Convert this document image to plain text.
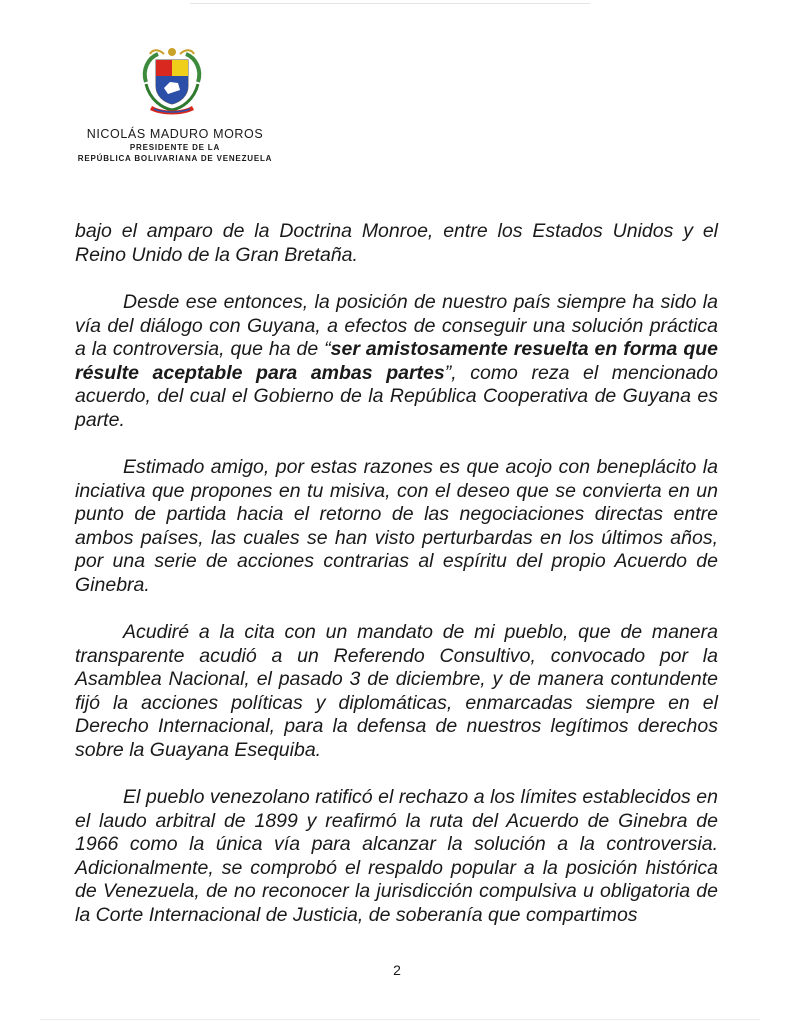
NICOLÁS MADURO MOROS
PRESIDENTE DE LA
REPÚBLICA BOLIVARIANA DE VENEZUELA

bajo el amparo de la Doctrina Monroe, entre los Estados Unidos y el Reino Unido de la Gran Bretaña.

Desde ese entonces, la posición de nuestro país siempre ha sido la vía del diálogo con Guyana, a efectos de conseguir una solución práctica a la controversia, que ha de “ser amistosamente resuelta en forma que résulte aceptable para ambas partes”, como reza el mencionado acuerdo, del cual el Gobierno de la República Cooperativa de Guyana es parte.

Estimado amigo, por estas razones es que acojo con beneplácito la inciativa que propones en tu misiva, con el deseo que se convierta en un punto de partida hacia el retorno de las negociaciones directas entre ambos países, las cuales se han visto perturbardas en los últimos años, por una serie de acciones contrarias al espíritu del propio Acuerdo de Ginebra.

Acudiré a la cita con un mandato de mi pueblo, que de manera transparente acudió a un Referendo Consultivo, convocado por la Asamblea Nacional, el pasado 3 de diciembre, y de manera contundente fijó la acciones políticas y diplomáticas, enmarcadas siempre en el Derecho Internacional, para la defensa de nuestros legítimos derechos sobre la Guayana Esequiba.

El pueblo venezolano ratificó el rechazo a los límites establecidos en el laudo arbitral de 1899 y reafirmó la ruta del Acuerdo de Ginebra de 1966 como la única vía para alcanzar la solución a la controversia. Adicionalmente, se comprobó el respaldo popular a la posición histórica de Venezuela, de no reconocer la jurisdicción compulsiva u obligatoria de la Corte Internacional de Justicia, de soberanía que compartimos

2
